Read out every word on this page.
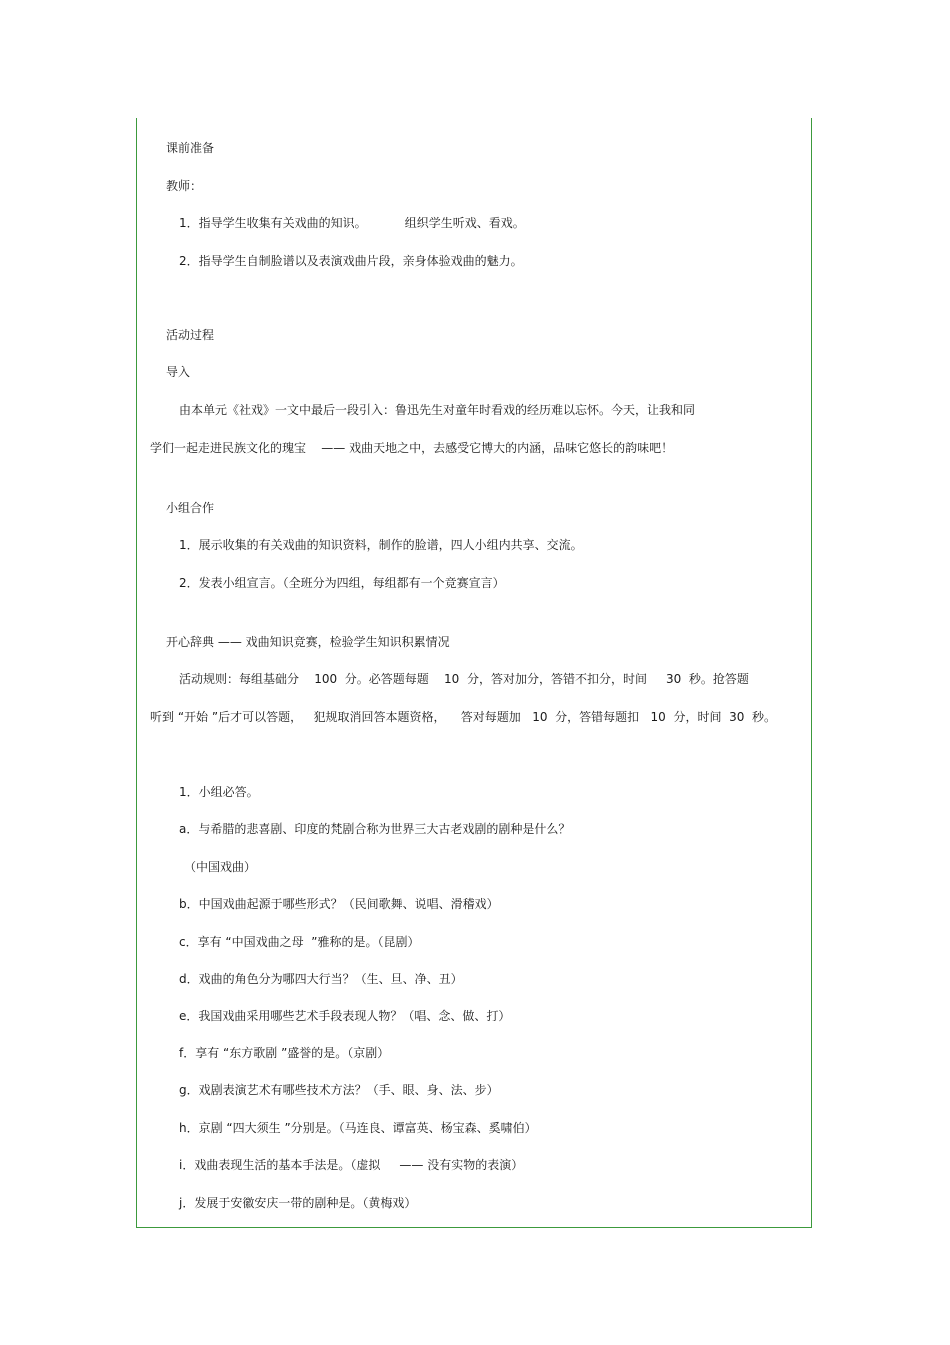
课前准备
教师：
1．指导学生收集有关戏曲的知识。          组织学生听戏、看戏。
2．指导学生自制脸谱以及表演戏曲片段，亲身体验戏曲的魅力。
活动过程
导入
由本单元《社戏》一文中最后一段引入：鲁迅先生对童年时看戏的经历难以忘怀。今天，让我和同
学们一起走进民族文化的瑰宝    —— 戏曲天地之中，去感受它博大的内涵，品味它悠长的韵味吧！
小组合作
1．展示收集的有关戏曲的知识资料，制作的脸谱，四人小组内共享、交流。
2．发表小组宣言。（全班分为四组，每组都有一个竞赛宣言）
开心辞典 —— 戏曲知识竞赛，检验学生知识积累情况
活动规则：每组基础分    100  分。必答题每题    10  分，答对加分，答错不扣分，时间     30  秒。抢答题
听到 “开始 ”后才可以答题，   犯规取消回答本题资格，    答对每题加   10  分，答错每题扣   10  分，时间  30  秒。
1．小组必答。
a．与希腊的悲喜剧、印度的梵剧合称为世界三大古老戏剧的剧种是什么？
（中国戏曲）
b．中国戏曲起源于哪些形式？（民间歌舞、说唱、滑稽戏）
c．享有 “中国戏曲之母  ”雅称的是。（昆剧）
d．戏曲的角色分为哪四大行当？（生、旦、净、丑）
e．我国戏曲采用哪些艺术手段表现人物？（唱、念、做、打）
f．享有 “东方歌剧 ”盛誉的是。（京剧）
g．戏剧表演艺术有哪些技术方法？（手、眼、身、法、步）
h．京剧 “四大须生 ”分别是。（马连良、谭富英、杨宝森、奚啸伯）
i．戏曲表现生活的基本手法是。（虚拟     —— 没有实物的表演）
j．发展于安徽安庆一带的剧种是。（黄梅戏）
